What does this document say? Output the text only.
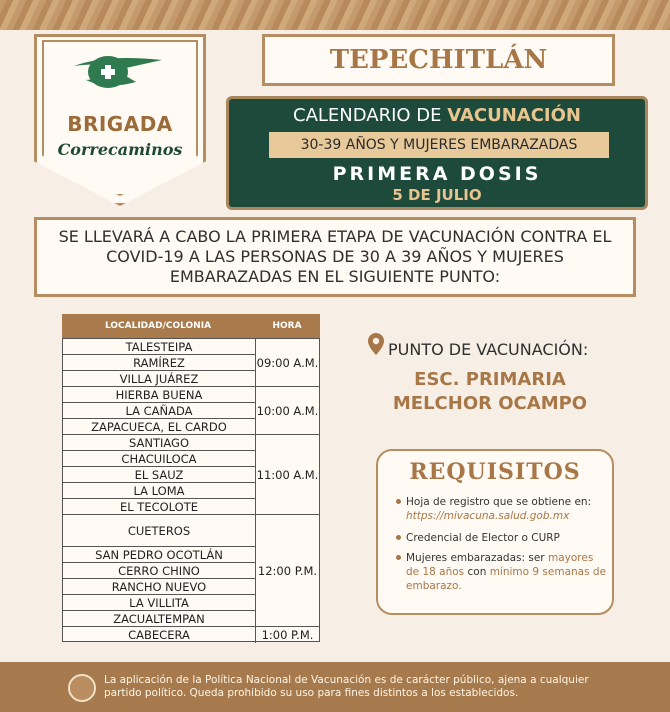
BRIGADA
Correcaminos
TEPECHITLÁN
CALENDARIO DE VACUNACIÓN
30-39 AÑOS Y MUJERES EMBARAZADAS
PRIMERA DOSIS
5 DE JULIO
SE LLEVARÁ A CABO LA PRIMERA ETAPA DE VACUNACIÓN CONTRA EL COVID-19 A LAS PERSONAS DE 30 A 39 AÑOS Y MUJERES EMBARAZADAS EN EL SIGUIENTE PUNTO:
LOCALIDAD/COLONIA	HORA
TALESTEIPA
RAMÍREZ
VILLA JUÁREZ
HIERBA BUENA
LA CAÑADA
ZAPACUECA, EL CARDO
SANTIAGO
CHACUILOCA
EL SAUZ
LA LOMA
EL TECOLOTE
CUETEROS
SAN PEDRO OCOTLÁN
CERRO CHINO
RANCHO NUEVO
LA VILLITA
ZACUALTEMPAN
CABECERA
09:00 A.M.
10:00 A.M.
11:00 A.M.
12:00 P.M.
1:00 P.M.
PUNTO DE VACUNACIÓN:
ESC. PRIMARIA
MELCHOR OCAMPO
REQUISITOS
Hoja de registro que se obtiene en: https://mivacuna.salud.gob.mx
Credencial de Elector o CURP
Mujeres embarazadas: ser mayores de 18 años con mínimo 9 semanas de embarazo.
La aplicación de la Política Nacional de Vacunación es de carácter público, ajena a cualquier partido político. Queda prohibido su uso para fines distintos a los establecidos.
